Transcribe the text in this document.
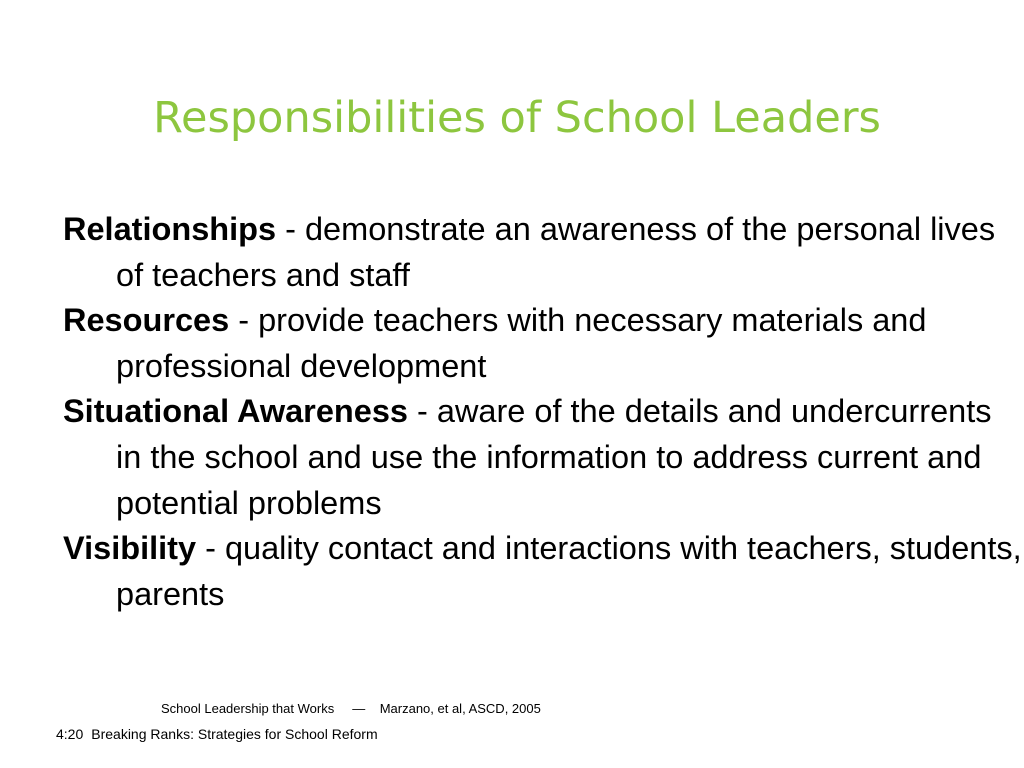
Responsibilities of School Leaders
Relationships - demonstrate an awareness of the personal lives of teachers and staff
Resources - provide teachers with necessary materials and professional development
Situational Awareness - aware of the details and undercurrents in the school and use the information to address current and potential problems
Visibility - quality contact and interactions with teachers, students, parents
School Leadership that Works     —    Marzano, et al, ASCD, 2005
4:20 Breaking Ranks: Strategies for School Reform
